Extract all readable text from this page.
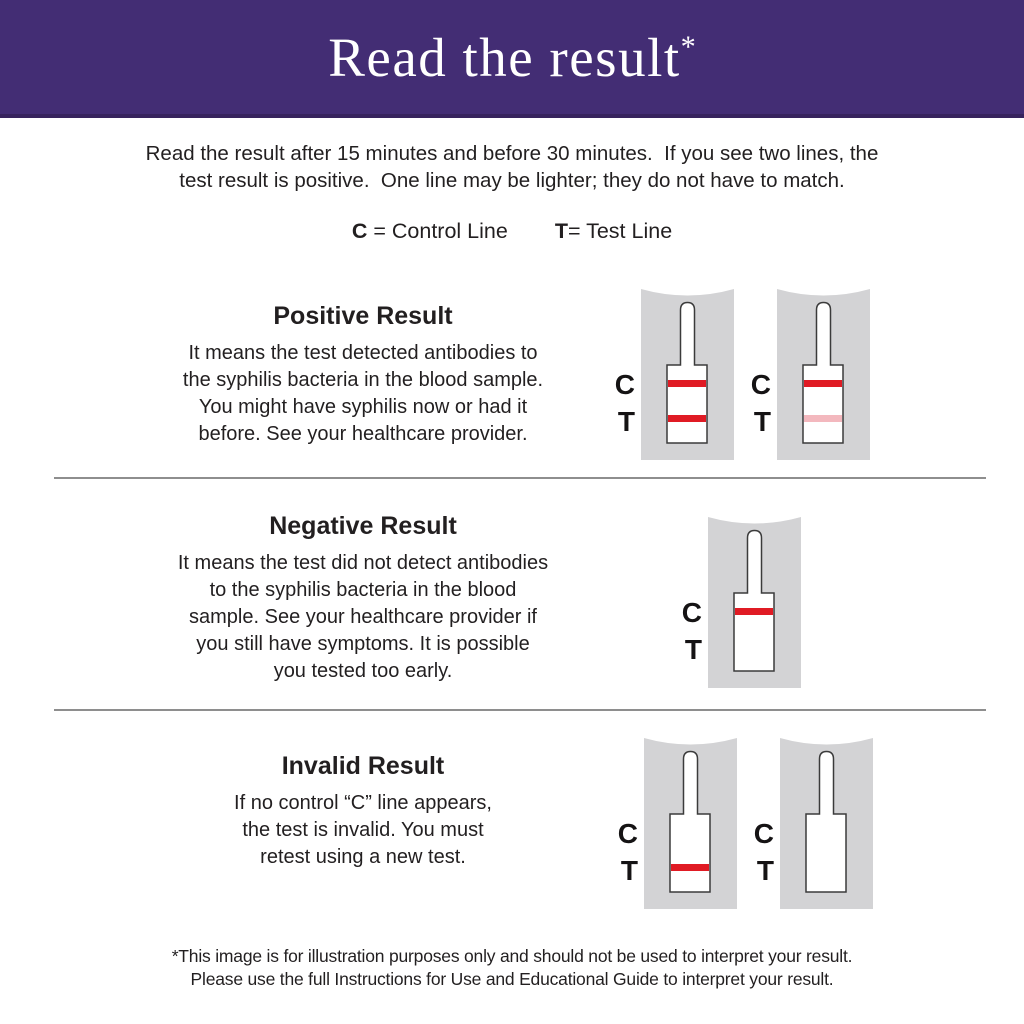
Read the result*
Read the result after 15 minutes and before 30 minutes.  If you see two lines, the
test result is positive.  One line may be lighter; they do not have to match.
C = Control Line T= Test Line
Positive Result
It means the test detected antibodies to
the syphilis bacteria in the blood sample.
You might have syphilis now or had it
before. See your healthcare provider.
C
T
C
T
Negative Result
It means the test did not detect antibodies
to the syphilis bacteria in the blood
sample. See your healthcare provider if
you still have symptoms. It is possible
you tested too early.
C
T
Invalid Result
If no control “C” line appears,
the test is invalid. You must
retest using a new test.
C
T
C
T
*This image is for illustration purposes only and should not be used to interpret your result.
Please use the full Instructions for Use and Educational Guide to interpret your result.
